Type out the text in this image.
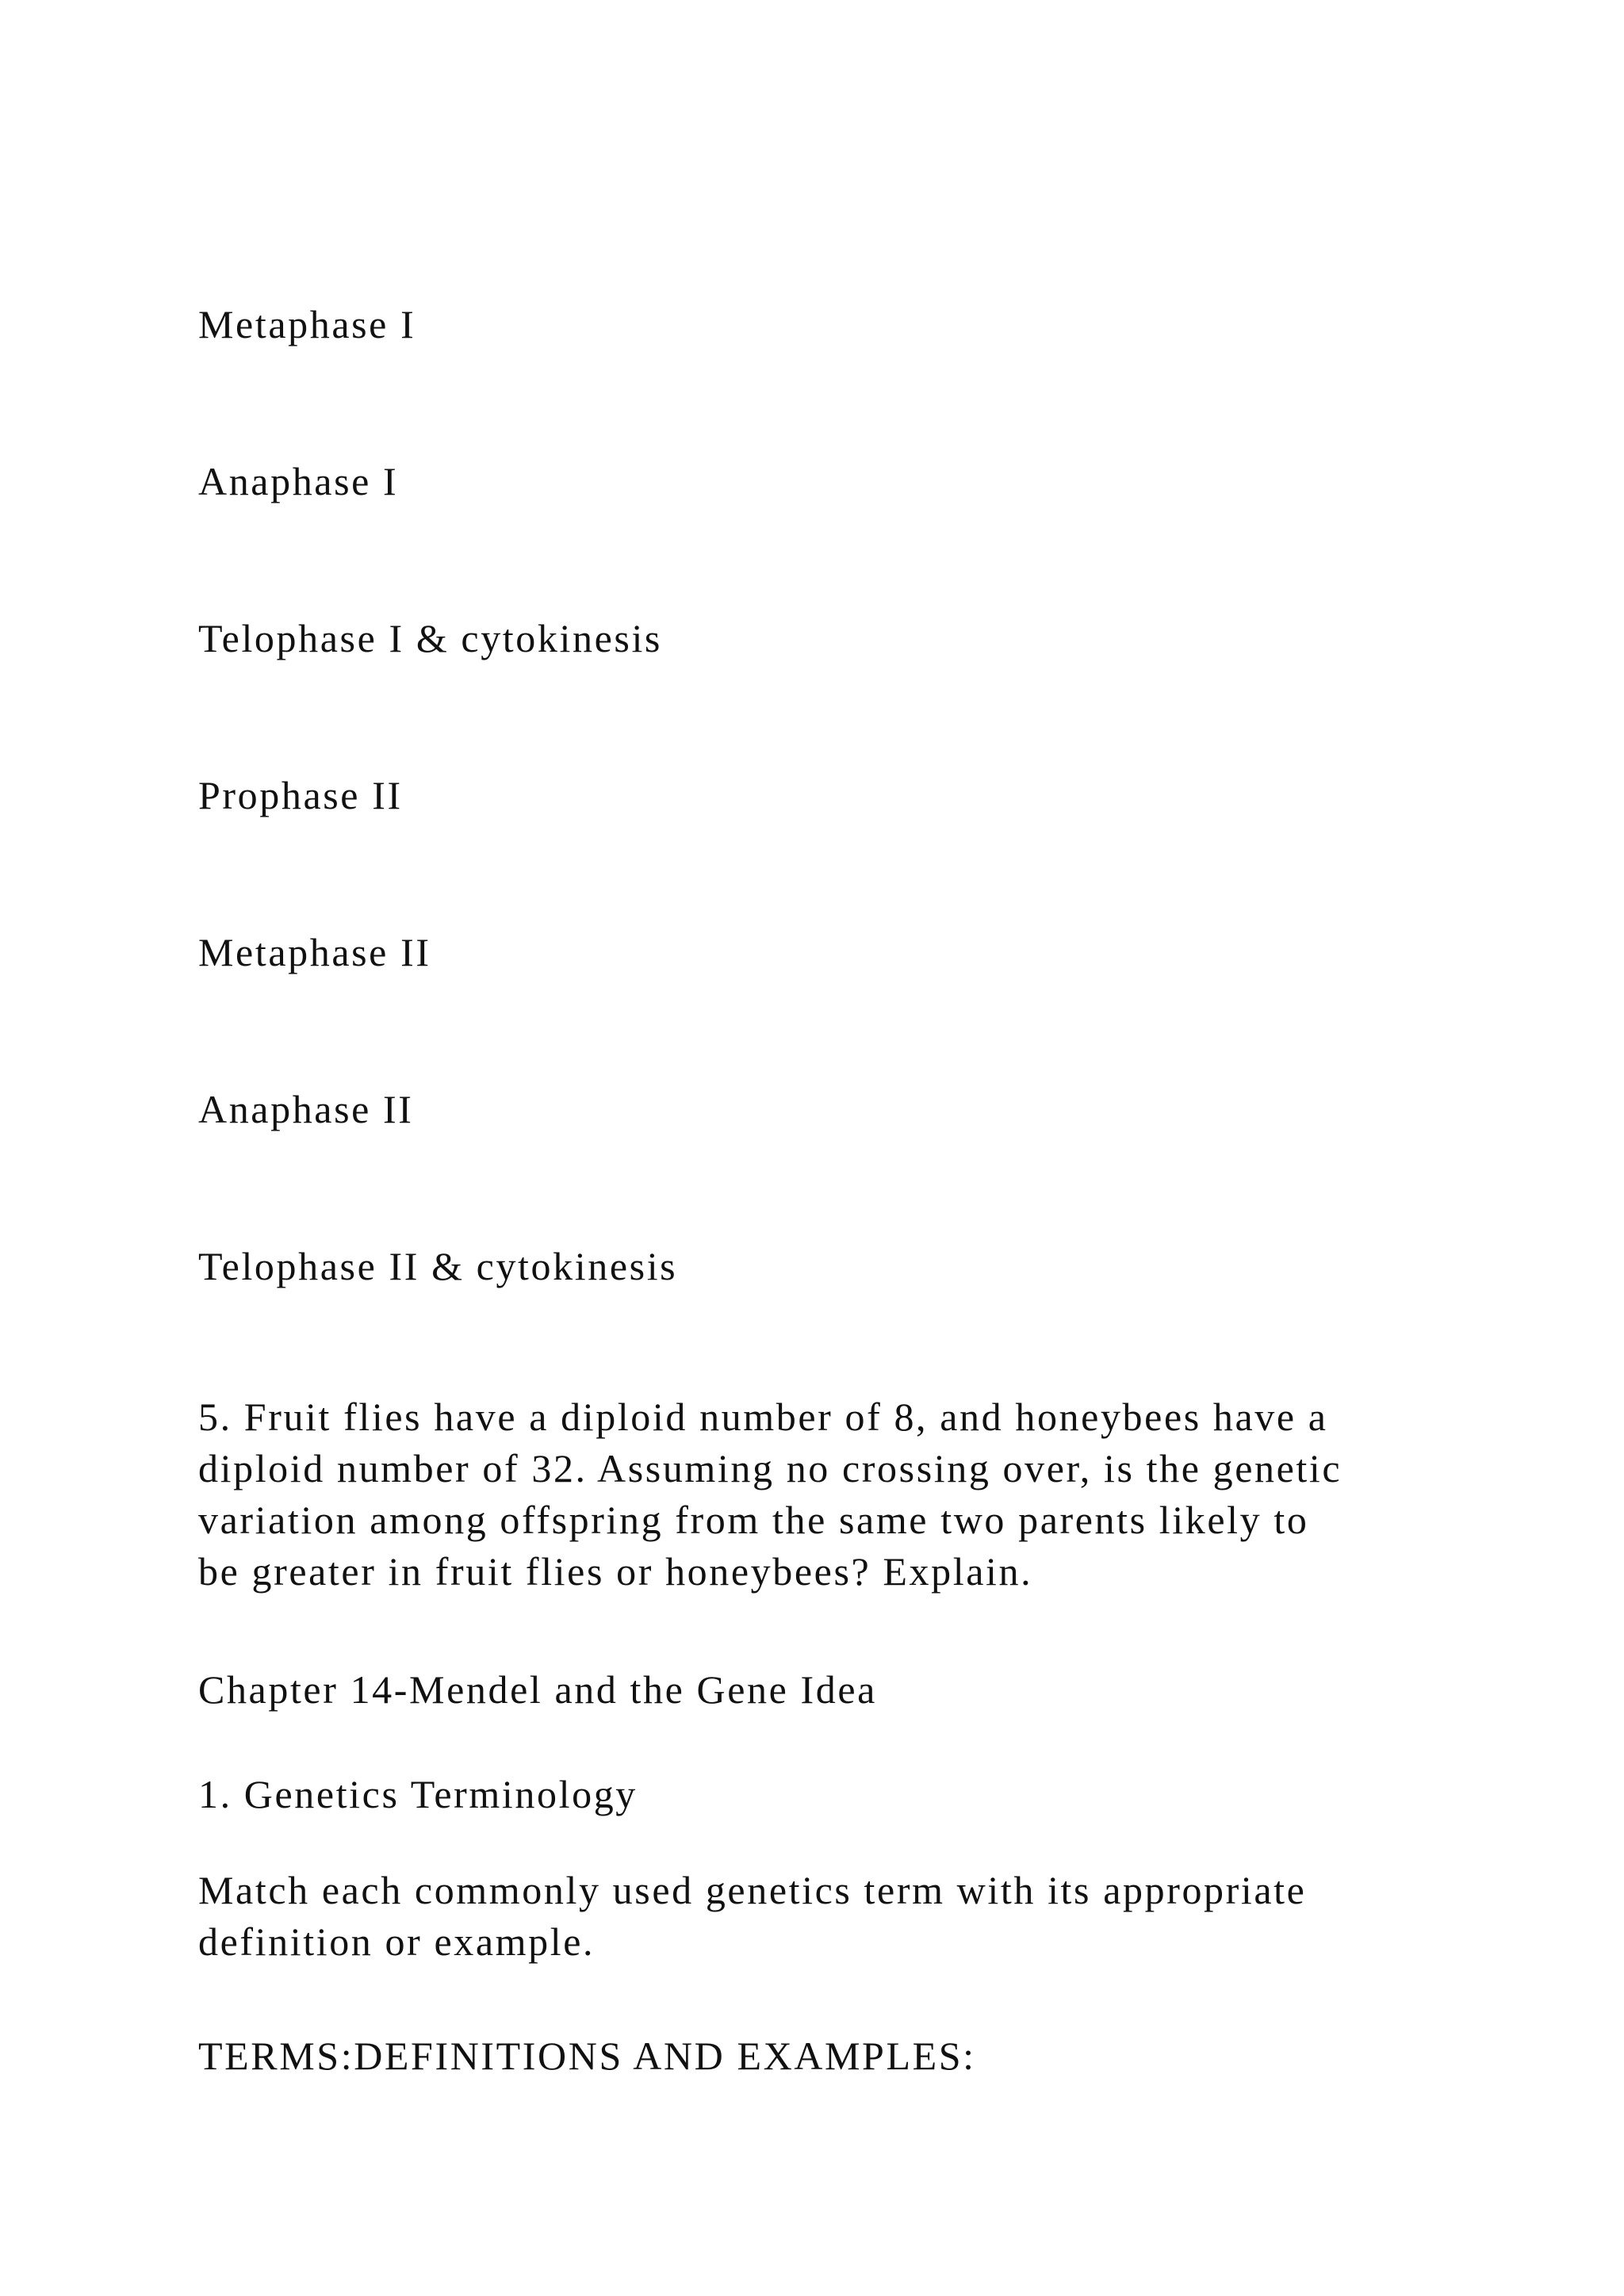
Metaphase I
Anaphase I
Telophase I & cytokinesis
Prophase II
Metaphase II
Anaphase II
Telophase II & cytokinesis
5. Fruit flies have a diploid number of 8, and honeybees have a
diploid number of 32. Assuming no crossing over, is the genetic
variation among offspring from the same two parents likely to
be greater in fruit flies or honeybees? Explain.
Chapter 14-Mendel and the Gene Idea
1. Genetics Terminology
Match each commonly used genetics term with its appropriate
definition or example.
TERMS:DEFINITIONS AND EXAMPLES:
